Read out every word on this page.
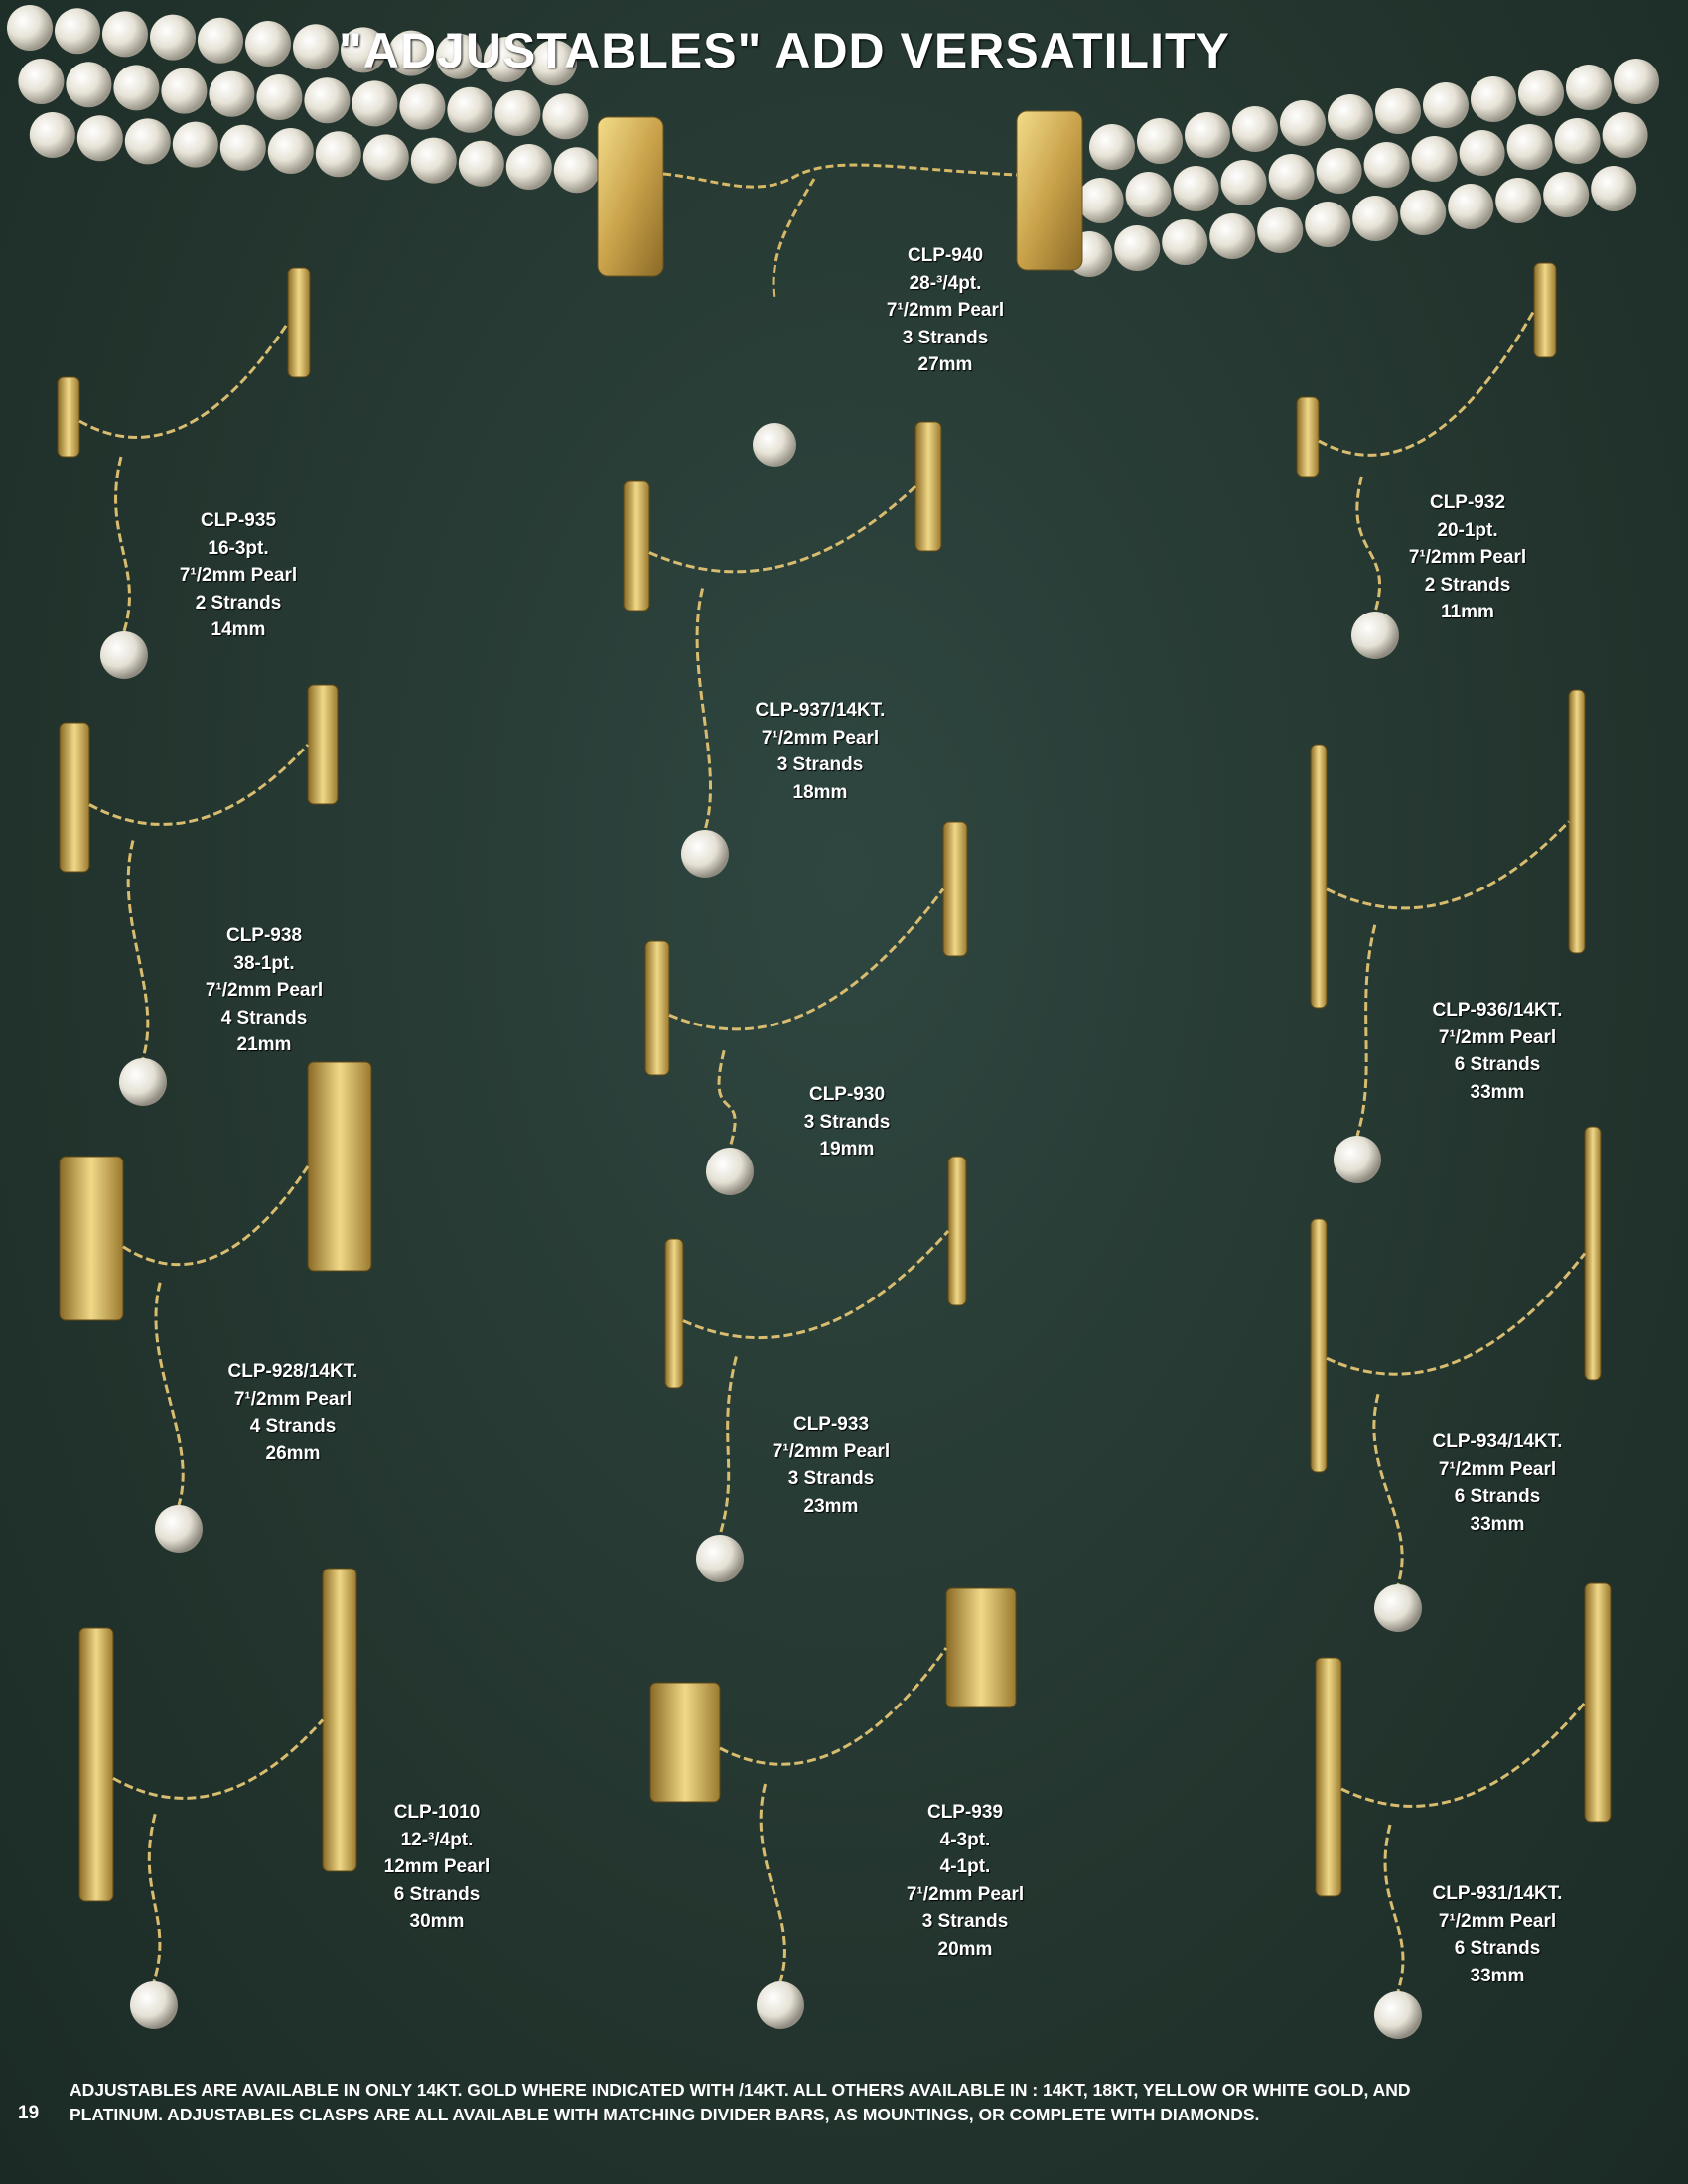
"ADJUSTABLES" ADD VERSATILITY
CLP-940
28-³/4pt.
7¹/2mm Pearl
3 Strands
27mm
CLP-935
16-3pt.
7¹/2mm Pearl
2 Strands
14mm
CLP-932
20-1pt.
7¹/2mm Pearl
2 Strands
11mm
CLP-937/14KT.
7¹/2mm Pearl
3 Strands
18mm
CLP-938
38-1pt.
7¹/2mm Pearl
4 Strands
21mm
CLP-936/14KT.
7¹/2mm Pearl
6 Strands
33mm
CLP-930
3 Strands
19mm
CLP-928/14KT.
7¹/2mm Pearl
4 Strands
26mm
CLP-933
7¹/2mm Pearl
3 Strands
23mm
CLP-934/14KT.
7¹/2mm Pearl
6 Strands
33mm
CLP-1010
12-³/4pt.
12mm Pearl
6 Strands
30mm
CLP-939
4-3pt.
4-1pt.
7¹/2mm Pearl
3 Strands
20mm
CLP-931/14KT.
7¹/2mm Pearl
6 Strands
33mm
ADJUSTABLES ARE AVAILABLE IN ONLY 14KT. GOLD WHERE INDICATED WITH /14KT. ALL OTHERS AVAILABLE IN : 14KT, 18KT, YELLOW OR WHITE GOLD, AND
PLATINUM. ADJUSTABLES CLASPS ARE ALL AVAILABLE WITH MATCHING DIVIDER BARS, AS MOUNTINGS, OR COMPLETE WITH DIAMONDS.
19
